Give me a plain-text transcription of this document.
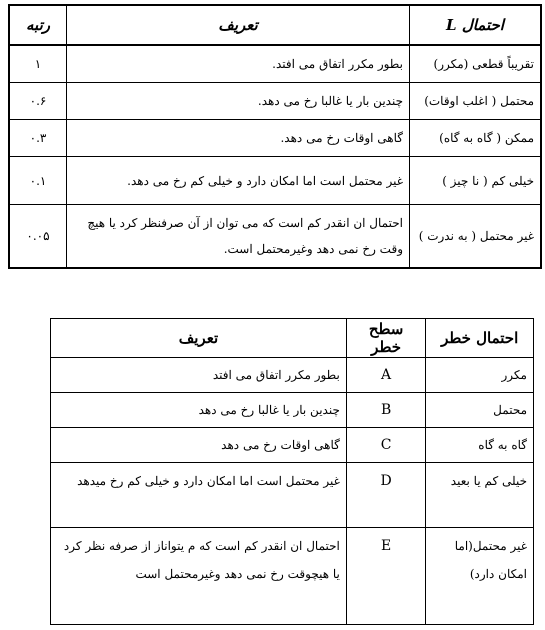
احتمال L	تعریف	رتبه
تقریباً قطعی (مکرر)	بطور مکرر اتفاق می افتد.	۱
محتمل ( اغلب اوقات)	چندین بار یا غالبا رخ می دهد.	۰.۶
ممکن ( گاه به گاه)	گاهی اوقات رخ می دهد.	۰.۳
خیلی کم ( نا چیز )	غیر محتمل است اما امکان دارد و خیلی کم رخ می دهد.	۰.۱
غیر محتمل ( به ندرت )	احتمال ان انقدر کم است که می توان از آن صرفنظر کرد یا هیچ وقت رخ نمی دهد وغیرمحتمل است.	۰.۰۵
احتمال خطر	سطح خطر	تعریف
مکرر	A	بطور مکرر اتفاق می افتد
محتمل	B	چندین بار یا غالبا رخ می دهد
گاه به گاه	C	گاهی اوقات رخ می دهد
خیلی کم یا بعید	D	غیر محتمل است اما امکان دارد و خیلی کم رخ میدهد
غیر محتمل(اما امکان دارد)	E	احتمال ان انقدر کم است که م یتواناز از صرفه نظر کرد یا هیچوقت رخ نمی دهد وغیرمحتمل است
